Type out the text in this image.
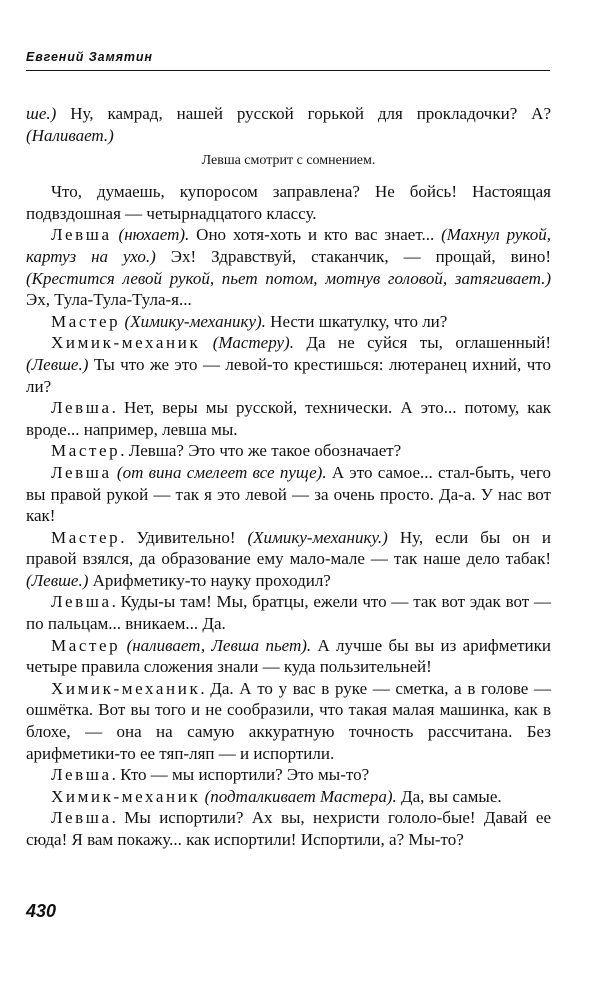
Евгений Замятин

ше.) Ну, камрад, нашей русской горькой для прокладочки? А? (Наливает.)

Левша смотрит с сомнением.

Что, думаешь, купоросом заправлена? Не бойсь! Настоящая подвздошная — четырнадцатого классу.

Левша (нюхает). Оно хотя-хоть и кто вас знает... (Махнул рукой, картуз на ухо.) Эх! Здравствуй, стаканчик, — прощай, вино! (Крестится левой рукой, пьет потом, мотнув головой, затягивает.) Эх, Тула-Тула-Тула-я...

Мастер (Химику-механику). Нести шкатулку, что ли?

Химик-механик (Мастеру). Да не суйся ты, оглашенный! (Левше.) Ты что же это — левой-то крестишься: лютеранец ихний, что ли?

Левша. Нет, веры мы русской, технически. А это... потому, как вроде... например, левша мы.

Мастер. Левша? Это что же такое обозначает?

Левша (от вина смелеет все пуще). А это самое... стал-быть, чего вы правой рукой — так я это левой — за очень просто. Да-а. У нас вот как!

Мастер. Удивительно! (Химику-механику.) Ну, если бы он и правой взялся, да образование ему мало-мале — так наше дело табак! (Левше.) Арифметику-то науку проходил?

Левша. Куды-ы там! Мы, братцы, ежели что — так вот эдак вот — по пальцам... вникаем... Да.

Мастер (наливает, Левша пьет). А лучше бы вы из арифметики четыре правила сложения знали — куда пользительней!

Химик-механик. Да. А то у вас в руке — сметка, а в голове — ошмётка. Вот вы того и не сообразили, что такая малая машинка, как в блохе, — она на самую аккуратную точность рассчитана. Без арифметики-то ее тяп-ляп — и испортили.

Левша. Кто — мы испортили? Это мы-то?

Химик-механик (подталкивает Мастера). Да, вы самые.

Левша. Мы испортили? Ах вы, нехристи гололо-бые! Давай ее сюда! Я вам покажу... как испортили! Испортили, а? Мы-то?

430
